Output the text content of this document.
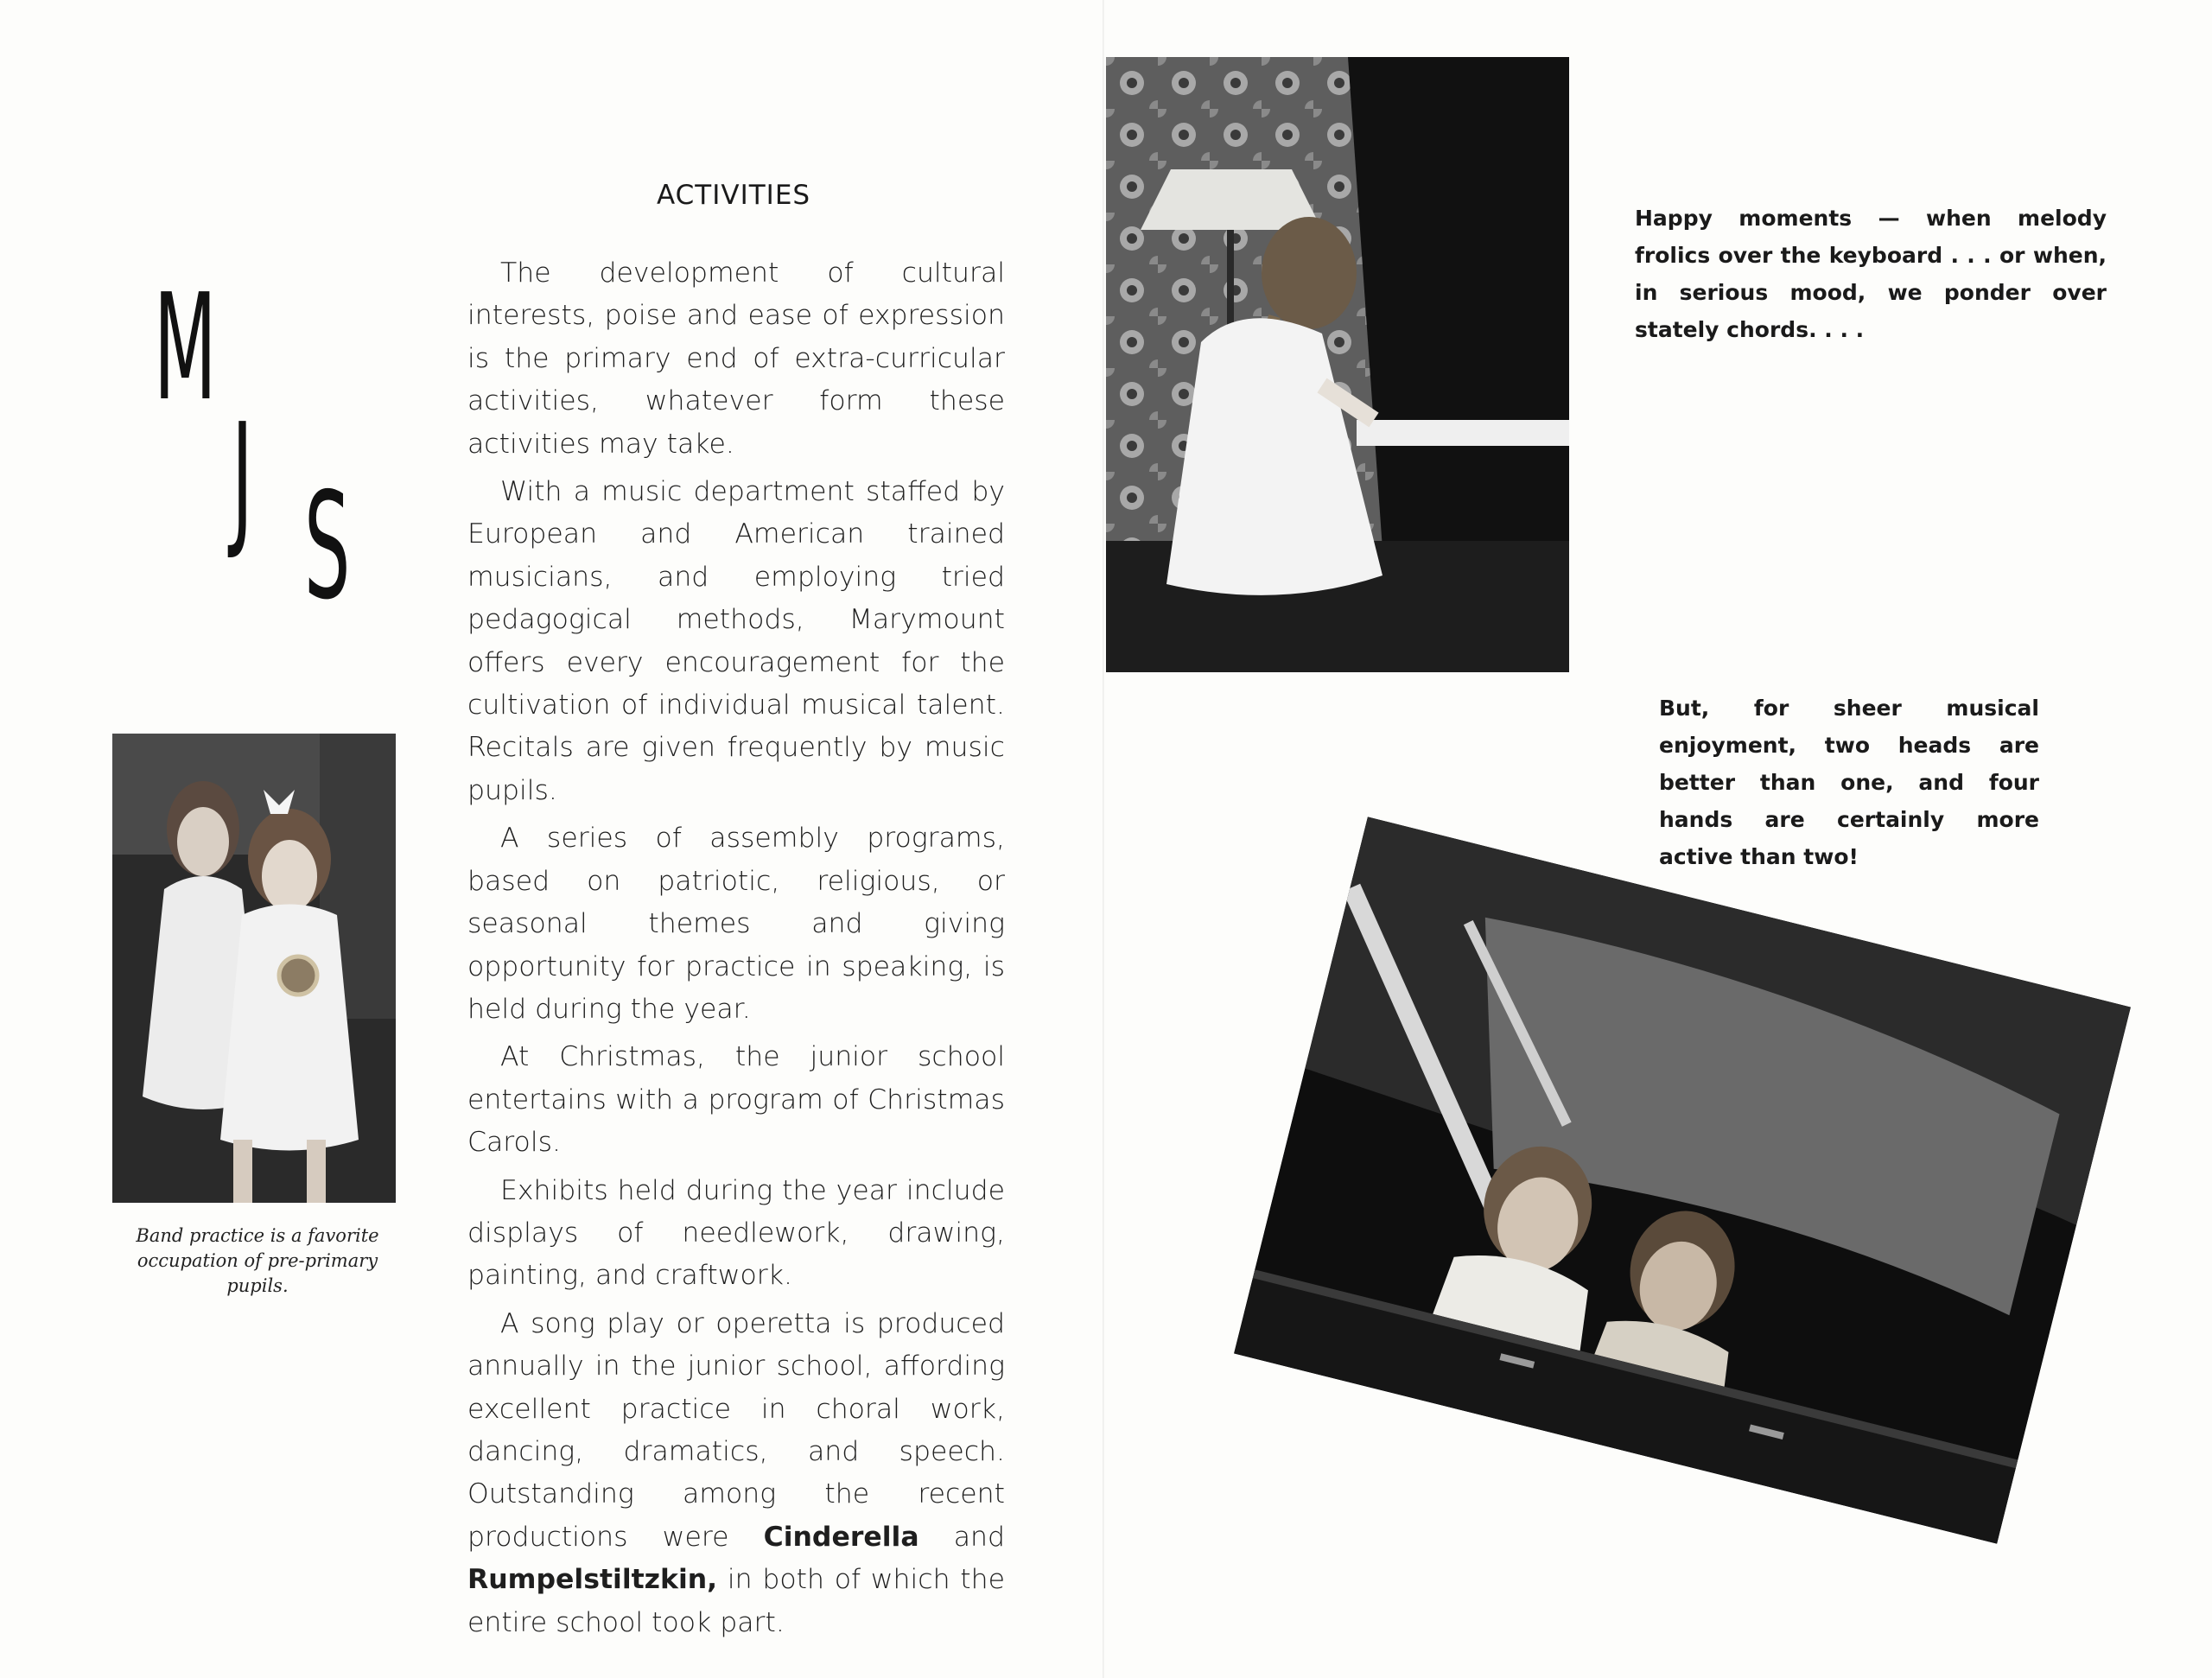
M
J S
ACTIVITIES

The development of cultural interests, poise and ease of expression is the primary end of extra-curricular activities, whatever form these activities may take.

With a music department staffed by European and American trained musicians, and employing tried pedagogical methods, Marymount offers every encouragement for the cultivation of individual musical talent. Recitals are given frequently by music pupils.

A series of assembly programs, based on patriotic, religious, or seasonal themes and giving opportunity for practice in speaking, is held during the year.

At Christmas, the junior school entertains with a program of Christmas Carols.

Exhibits held during the year include displays of needlework, drawing, painting, and craftwork.

A song play or operetta is produced annually in the junior school, affording excellent practice in choral work, dancing, dramatics, and speech. Outstanding among the recent productions were Cinderella and Rumpelstiltzkin, in both of which the entire school took part.

Band practice is a favorite occupation of pre-primary pupils.
Happy moments — when melody frolics over the keyboard . . . or when, in serious mood, we ponder over stately chords. . . .
But, for sheer musical enjoyment, two heads are better than one, and four hands are certainly more active than two!
